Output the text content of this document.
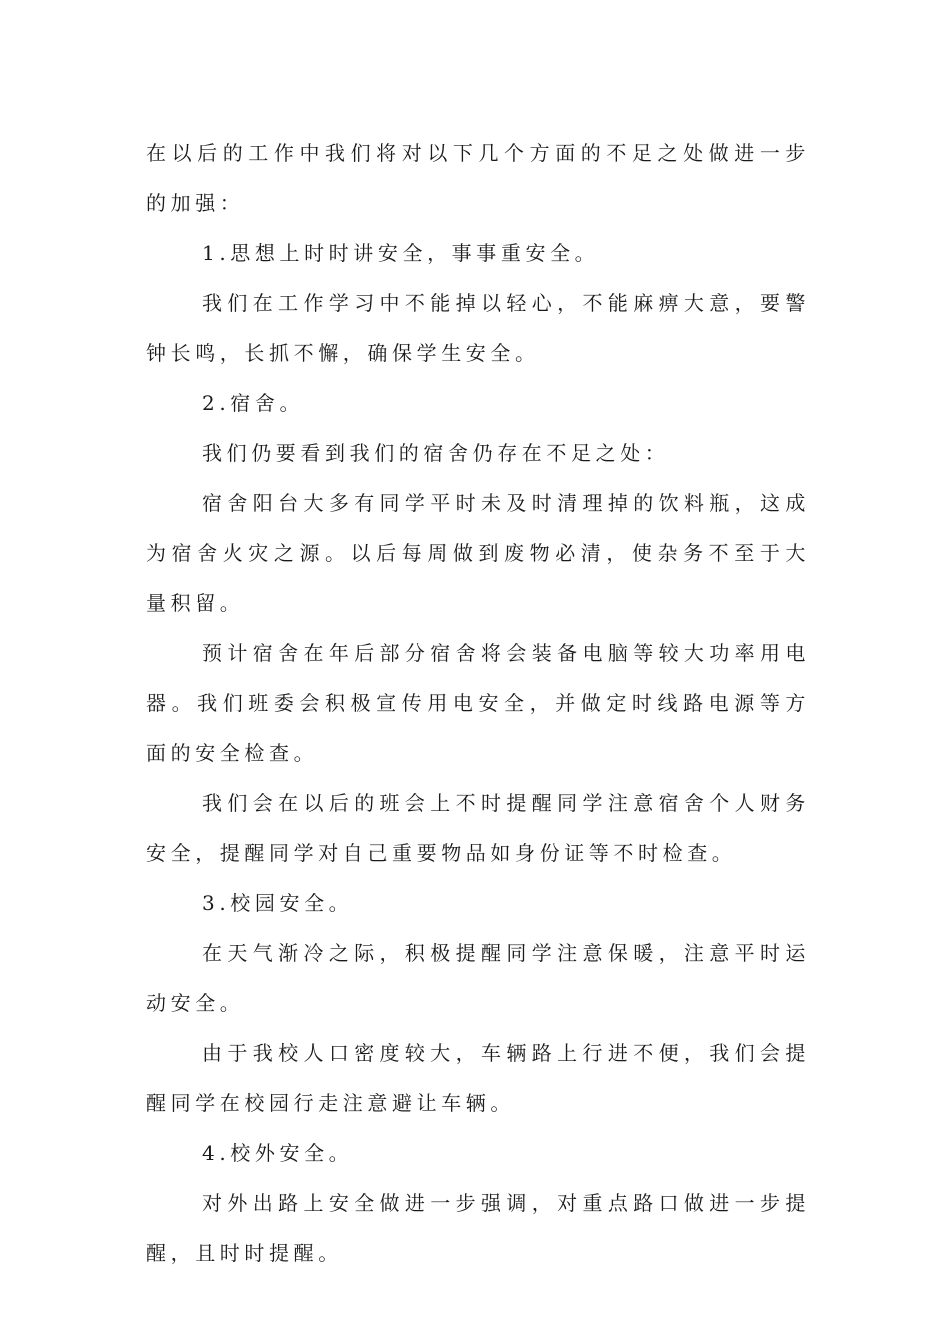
在以后的工作中我们将对以下几个方面的不足之处做进一步的加强：

1.思想上时时讲安全，事事重安全。

我们在工作学习中不能掉以轻心，不能麻痹大意，要警钟长鸣，长抓不懈，确保学生安全。

2.宿舍。

我们仍要看到我们的宿舍仍存在不足之处：

宿舍阳台大多有同学平时未及时清理掉的饮料瓶，这成为宿舍火灾之源。以后每周做到废物必清，使杂务不至于大量积留。

预计宿舍在年后部分宿舍将会装备电脑等较大功率用电器。我们班委会积极宣传用电安全，并做定时线路电源等方面的安全检查。

我们会在以后的班会上不时提醒同学注意宿舍个人财务安全，提醒同学对自己重要物品如身份证等不时检查。

3.校园安全。

在天气渐冷之际，积极提醒同学注意保暖，注意平时运动安全。

由于我校人口密度较大，车辆路上行进不便，我们会提醒同学在校园行走注意避让车辆。

4.校外安全。

对外出路上安全做进一步强调，对重点路口做进一步提醒，且时时提醒。
